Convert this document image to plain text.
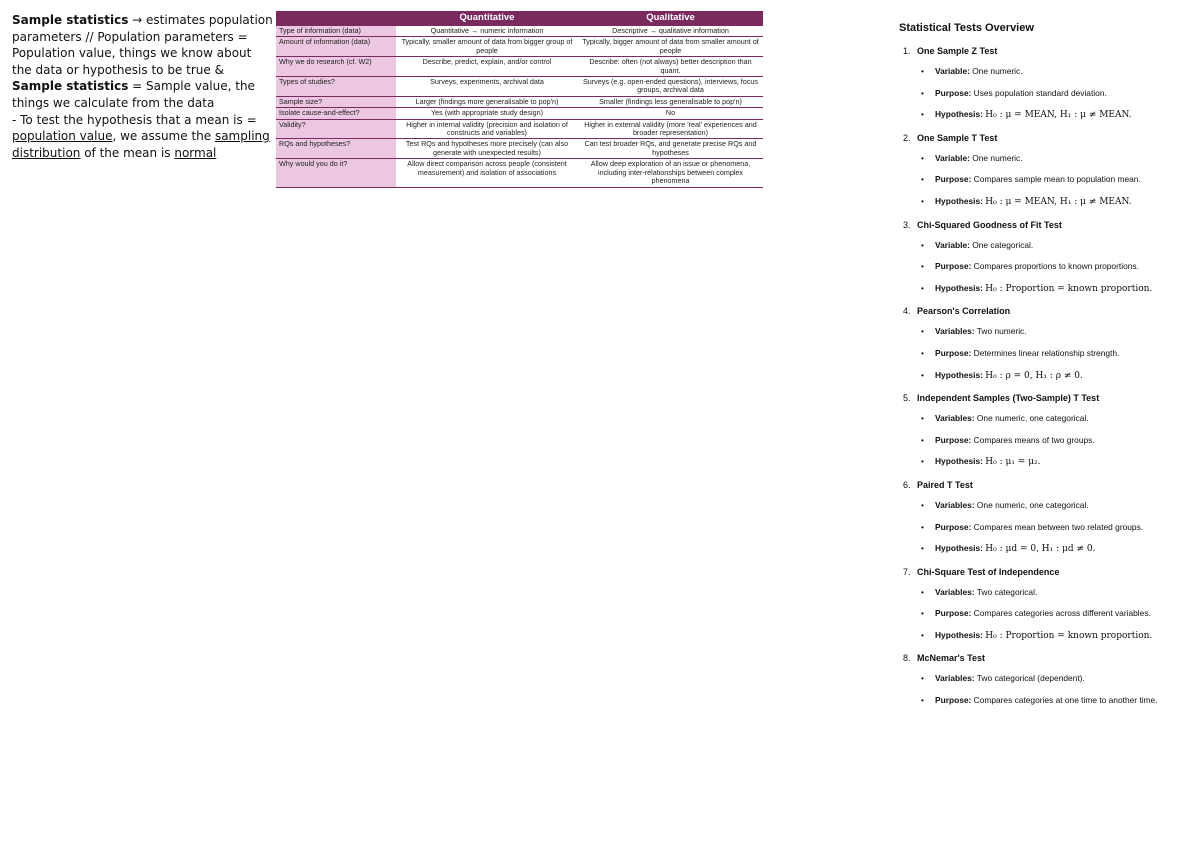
Sample statistics → estimates population parameters // Population parameters = Population value, things we know about the data or hypothesis to be true & Sample statistics = Sample value, the things we calculate from the data
- To test the hypothesis that a mean is = population value, we assume the sampling distribution of the mean is normal
	Quantitative	Qualitative
Type of information (data)	Quantitative → numeric information	Descriptive → qualitative information
Amount of information (data)	Typically, smaller amount of data from bigger group of people	Typically, bigger amount of data from smaller amount of people
Why we do research (cf. W2)	Describe, predict, explain, and/or control	Describe: often (not always) better description than quant.
Types of studies?	Surveys, experiments, archival data	Surveys (e.g. open-ended questions), interviews, focus groups, archival data
Sample size?	Larger (findings more generalisable to pop'n)	Smaller (findings less generalisable to pop'n)
Isolate cause-and-effect?	Yes (with appropriate study design)	No
Validity?	Higher in internal validity (precision and isolation of constructs and variables)	Higher in external validity (more 'real' experiences and broader representation)
RQs and hypotheses?	Test RQs and hypotheses more precisely (can also generate with unexpected results)	Can test broader RQs, and generate precise RQs and hypotheses
Why would you do it?	Allow direct comparison across people (consistent measurement) and isolation of associations	Allow deep exploration of an issue or phenomena, including inter-relationships between complex phenomena
Statistical Tests Overview
1. One Sample Z Test
• Variable: One numeric.
• Purpose: Uses population standard deviation.
• Hypothesis: H₀ : μ = MEAN, H₁ : μ ≠ MEAN.
2. One Sample T Test
• Variable: One numeric.
• Purpose: Compares sample mean to population mean.
• Hypothesis: H₀ : μ = MEAN, H₁ : μ ≠ MEAN.
3. Chi-Squared Goodness of Fit Test
• Variable: One categorical.
• Purpose: Compares proportions to known proportions.
• Hypothesis: H₀ : Proportion = known proportion.
4. Pearson's Correlation
• Variables: Two numeric.
• Purpose: Determines linear relationship strength.
• Hypothesis: H₀ : ρ = 0, H₁ : ρ ≠ 0.
5. Independent Samples (Two-Sample) T Test
• Variables: One numeric, one categorical.
• Purpose: Compares means of two groups.
• Hypothesis: H₀ : μ₁ = μ₂.
6. Paired T Test
• Variables: One numeric, one categorical.
• Purpose: Compares mean between two related groups.
• Hypothesis: H₀ : μd = 0, H₁ : μd ≠ 0.
7. Chi-Square Test of Independence
• Variables: Two categorical.
• Purpose: Compares categories across different variables.
• Hypothesis: H₀ : Proportion = known proportion.
8. McNemar's Test
• Variables: Two categorical (dependent).
• Purpose: Compares categories at one time to another time.
